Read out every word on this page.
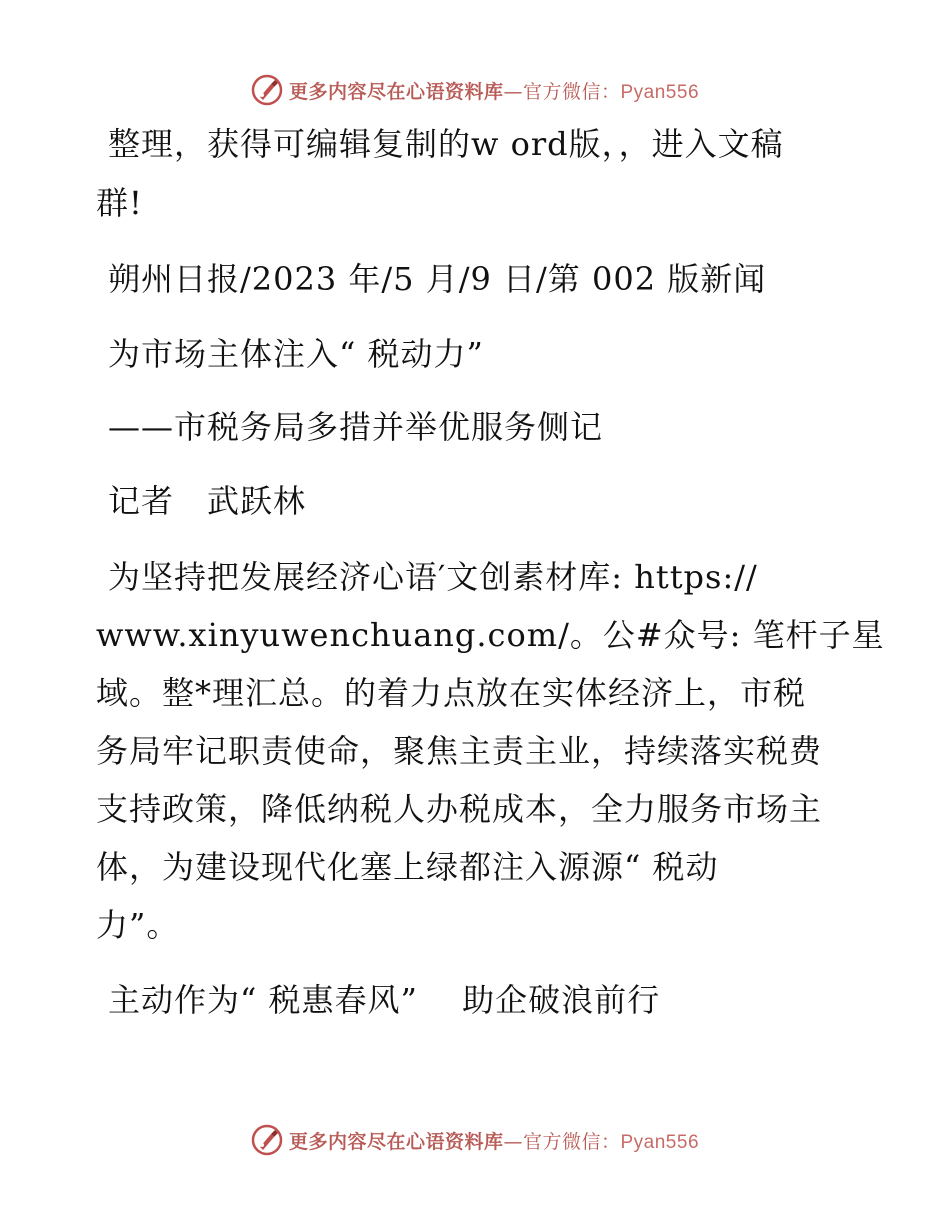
更多内容尽在心语资料库—官方微信：Pyan556
整理，获得可编辑复制的w ord版，，进入文稿
群!
朔州日报/2023 年/5 月/9 日/第 002 版新闻
为市场主体注入“ 税动力”
——市税务局多措并举优服务侧记
记者　武跃林
为坚持把发展经济心语′文创素材库: https://
www.xinyuwenchuang.com/。公#众号: 笔杆子星
域。整*理汇总。的着力点放在实体经济上，市税
务局牢记职责使命，聚焦主责主业，持续落实税费
支持政策，降低纳税人办税成本，全力服务市场主
体，为建设现代化塞上绿都注入源源“ 税动
力”。
主动作为“ 税惠春风”　 助企破浪前行
更多内容尽在心语资料库—官方微信：Pyan556
